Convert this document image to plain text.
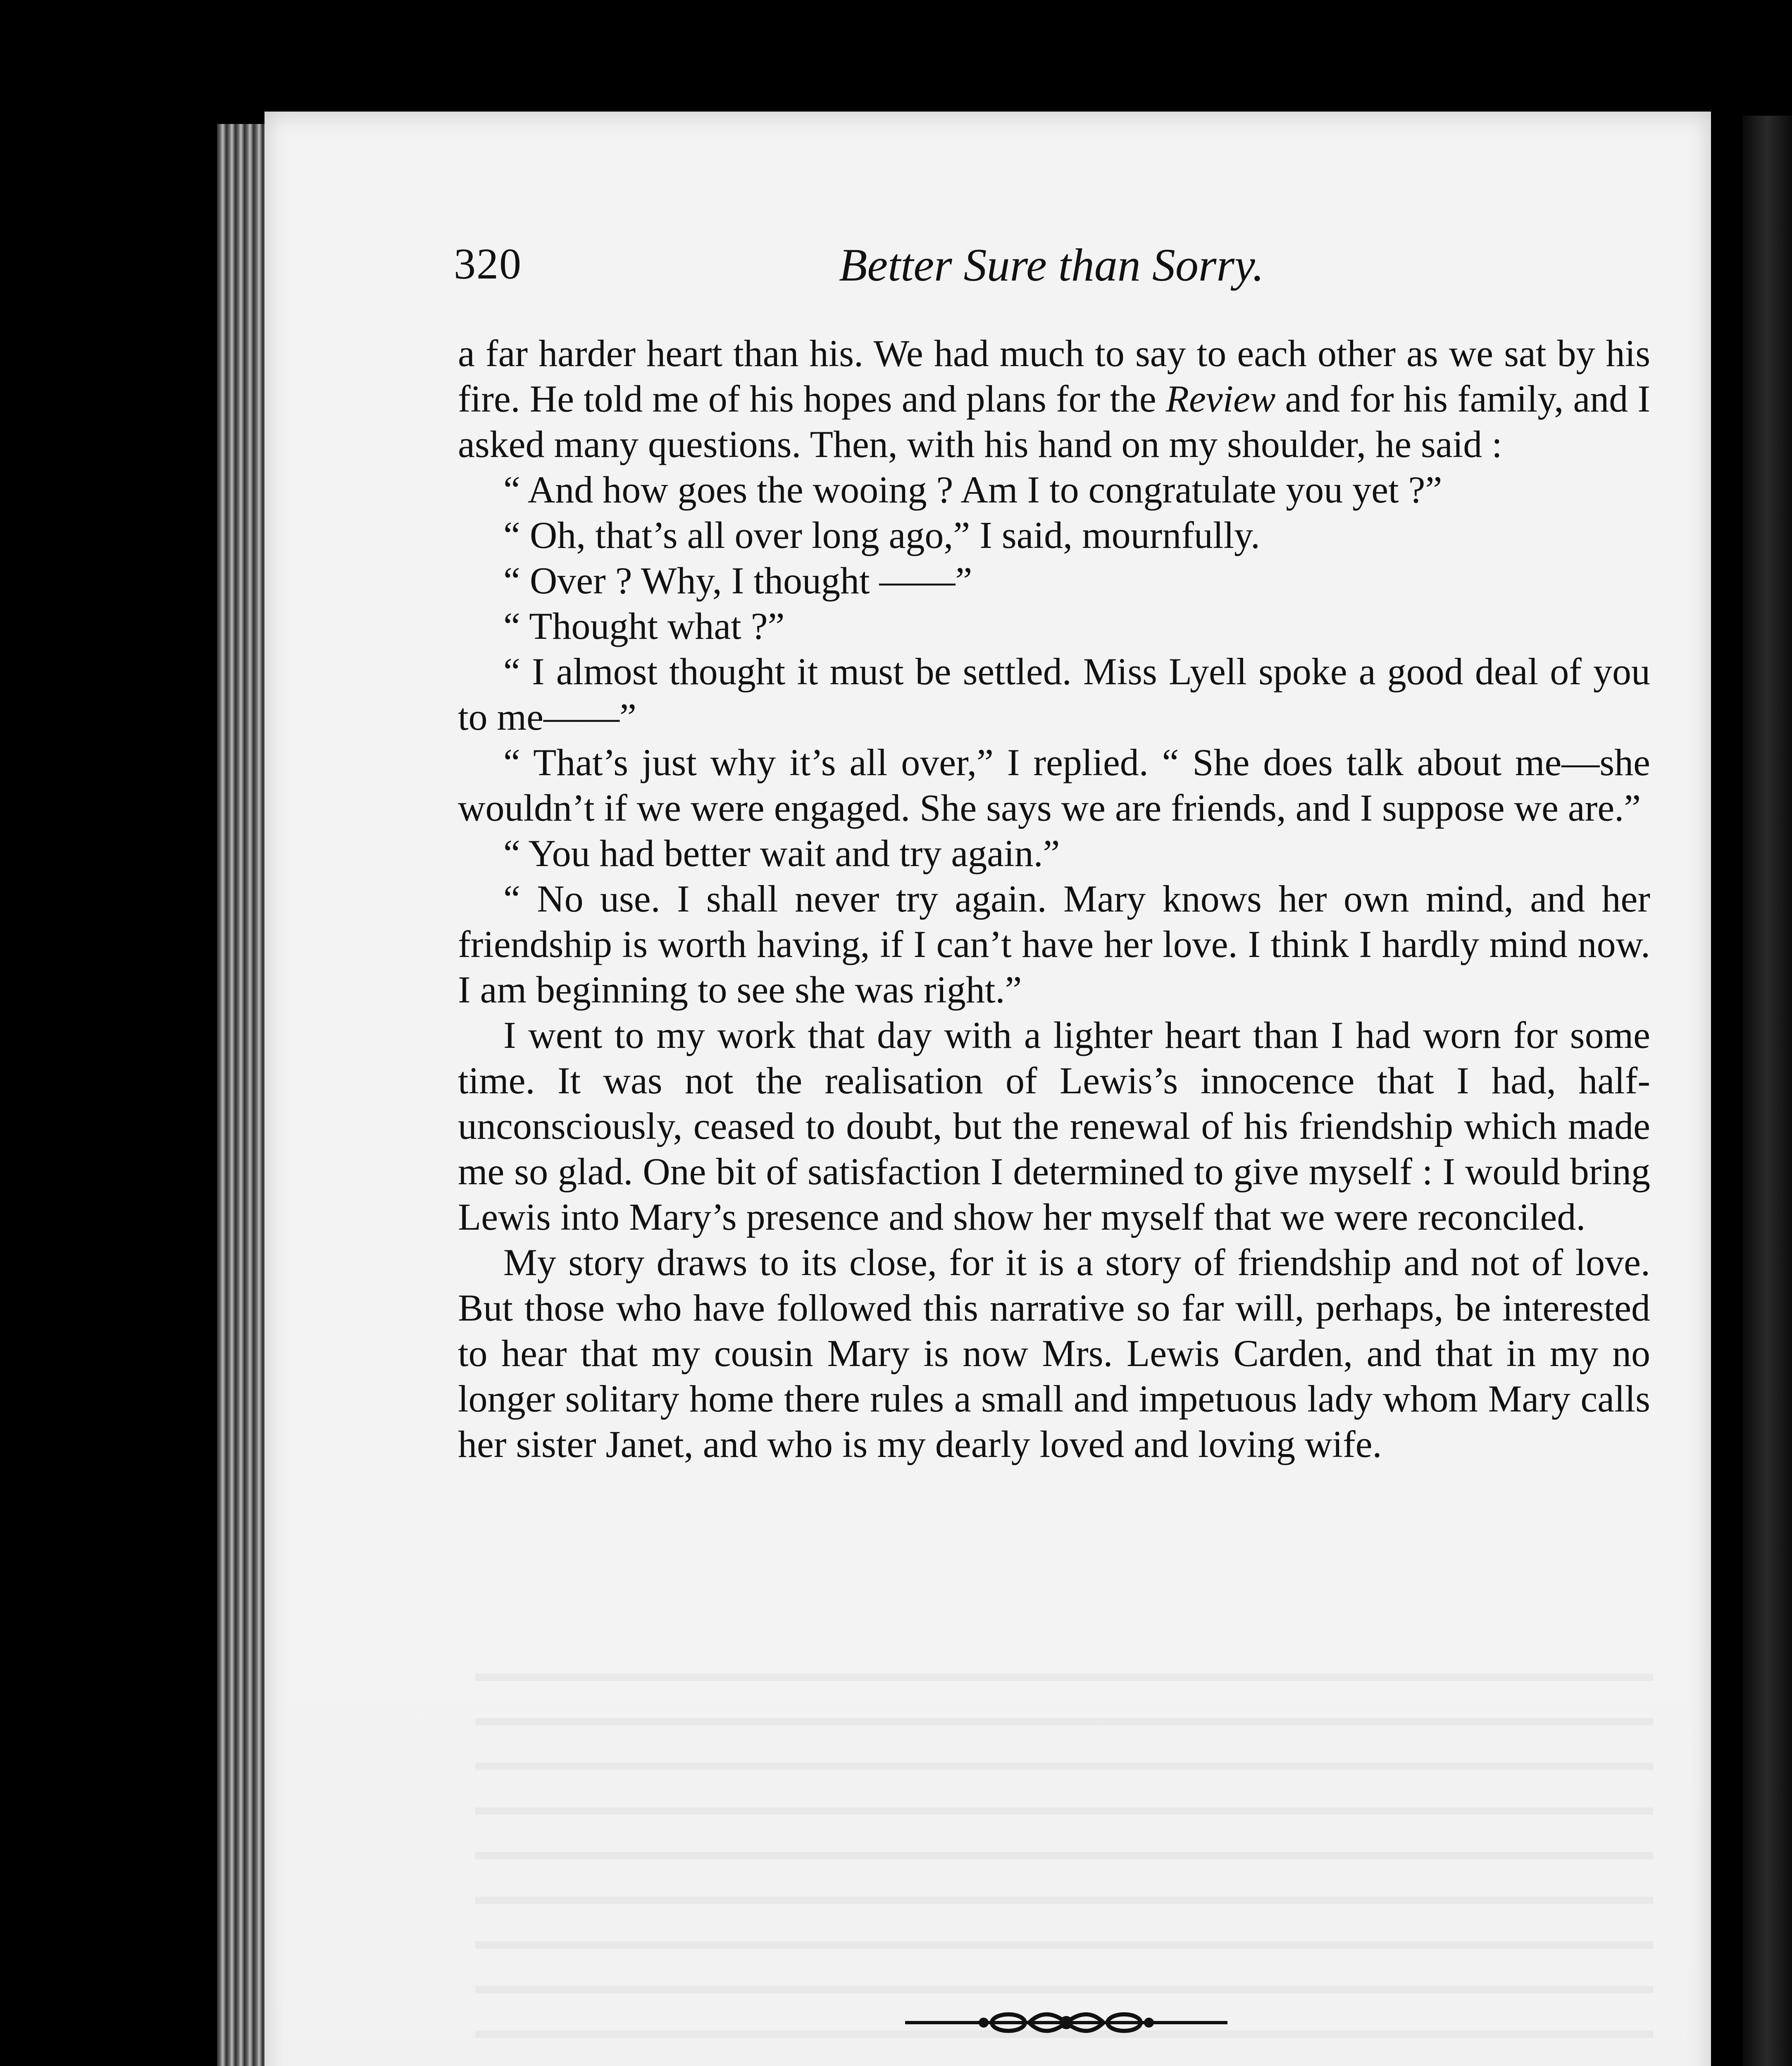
320	Better Sure than Sorry.

a far harder heart than his. We had much to say to each other as we sat by his fire. He told me of his hopes and plans for the Review and for his family, and I asked many questions. Then, with his hand on my shoulder, he said :

“ And how goes the wooing ? Am I to congratulate you yet ?”

“ Oh, that’s all over long ago,” I said, mournfully.

“ Over ? Why, I thought ——”

“ Thought what ?”

“ I almost thought it must be settled. Miss Lyell spoke a good deal of you to me——”

“ That’s just why it’s all over,” I replied. “ She does talk about me—she wouldn’t if we were engaged. She says we are friends, and I suppose we are.”

“ You had better wait and try again.”

“ No use. I shall never try again. Mary knows her own mind, and her friendship is worth having, if I can’t have her love. I think I hardly mind now. I am beginning to see she was right.”

I went to my work that day with a lighter heart than I had worn for some time. It was not the realisation of Lewis’s innocence that I had, half-unconsciously, ceased to doubt, but the renewal of his friendship which made me so glad. One bit of satisfaction I determined to give myself : I would bring Lewis into Mary’s presence and show her myself that we were reconciled.

My story draws to its close, for it is a story of friendship and not of love. But those who have followed this narrative so far will, perhaps, be interested to hear that my cousin Mary is now Mrs. Lewis Carden, and that in my no longer solitary home there rules a small and impetuous lady whom Mary calls her sister Janet, and who is my dearly loved and loving wife.
